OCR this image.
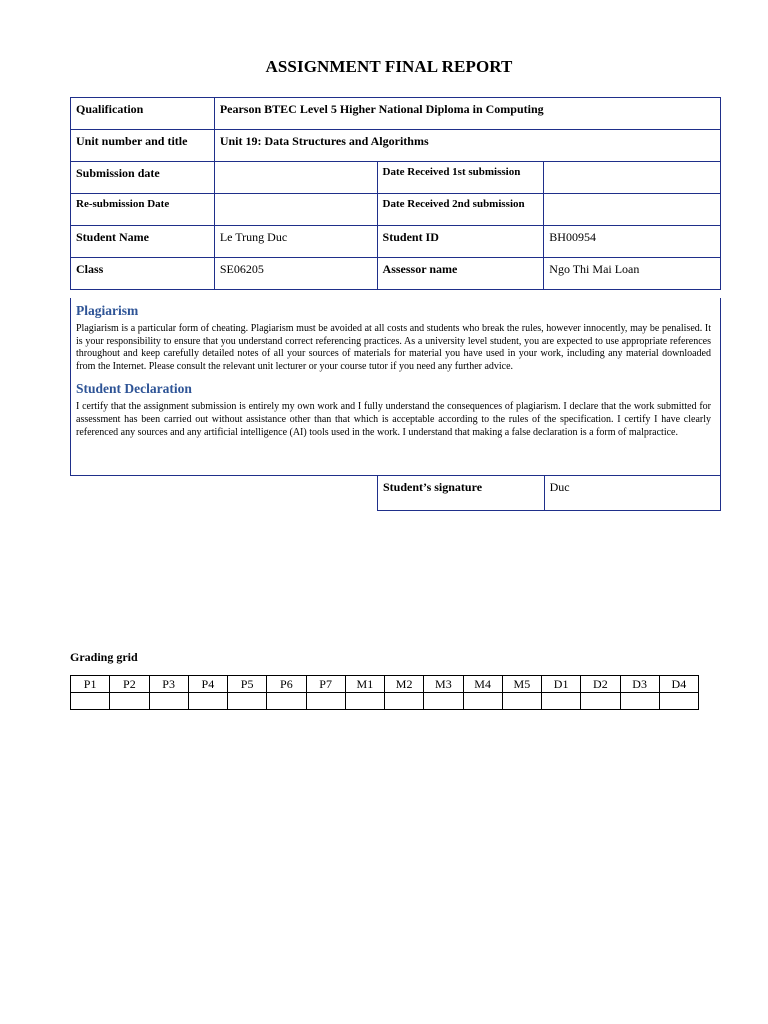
ASSIGNMENT FINAL REPORT
Qualification	Pearson BTEC Level 5 Higher National Diploma in Computing		
Unit number and title	Unit 19: Data Structures and Algorithms		
Submission date		Date Received 1st submission	
Re-submission Date		Date Received 2nd submission	
Student Name	Le Trung Duc	Student ID	BH00954
Class	SE06205	Assessor name	Ngo Thi Mai Loan
Plagiarism

Plagiarism is a particular form of cheating. Plagiarism must be avoided at all costs and students who break the rules, however innocently, may be penalised. It is your responsibility to ensure that you understand correct referencing practices. As a university level student, you are expected to use appropriate references throughout and keep carefully detailed notes of all your sources of materials for material you have used in your work, including any material downloaded from the Internet. Please consult the relevant unit lecturer or your course tutor if you need any further advice.

Student Declaration

I certify that the assignment submission is entirely my own work and I fully understand the consequences of plagiarism. I declare that the work submitted for assessment has been carried out without assistance other than that which is acceptable according to the rules of the specification. I certify I have clearly referenced any sources and any artificial intelligence (AI) tools used in the work. I understand that making a false declaration is a form of malpractice.

Student’s signature	Duc
Grading grid
P1	P2	P3	P4	P5	P6	P7	M1	M2	M3	M4	M5	D1	D2	D3	D4
